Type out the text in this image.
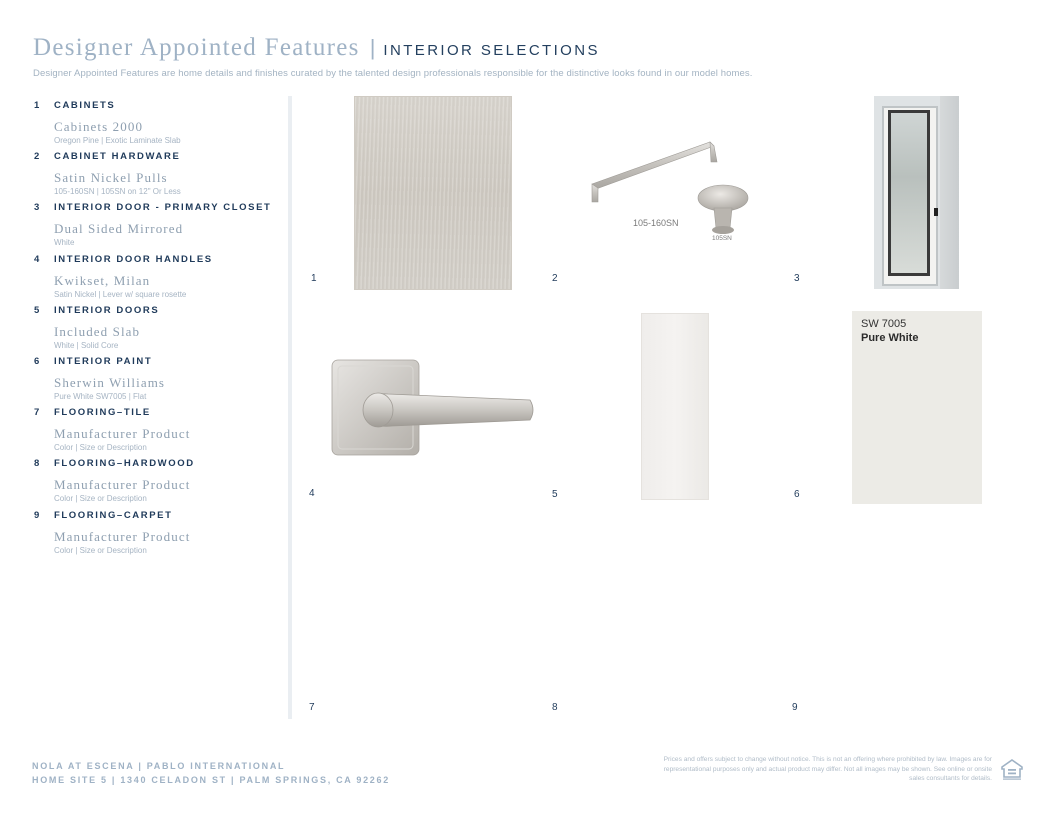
Designer Appointed Features | INTERIOR SELECTIONS
Designer Appointed Features are home details and finishes curated by the talented design professionals responsible for the distinctive looks found in our model homes.
1	CABINETS
Cabinets 2000
Oregon Pine | Exotic Laminate Slab
2	CABINET HARDWARE
Satin Nickel Pulls
105-160SN | 105SN on 12" Or Less
3	INTERIOR DOOR - PRIMARY CLOSET
Dual Sided Mirrored
White
4	INTERIOR DOOR HANDLES
Kwikset, Milan
Satin Nickel | Lever w/ square rosette
5	INTERIOR DOORS
Included Slab
White | Solid Core
6	INTERIOR PAINT
Sherwin Williams
Pure White SW7005 | Flat
7	FLOORING–TILE
Manufacturer Product
Color | Size or Description
8	FLOORING–HARDWOOD
Manufacturer Product
Color | Size or Description
9	FLOORING–CARPET
Manufacturer Product
Color | Size or Description
1	2	3
4	5	6
7	8	9
105-160SN
105SN
SW 7005
Pure White
NOLA AT ESCENA | PABLO INTERNATIONAL
HOME SITE 5 | 1340 CELADON ST | PALM SPRINGS, CA 92262
Prices and offers subject to change without notice. This is not an offering where prohibited by law. Images are for representational purposes only and actual product may differ. Not all images may be shown. See online or onsite sales consultants for details.
